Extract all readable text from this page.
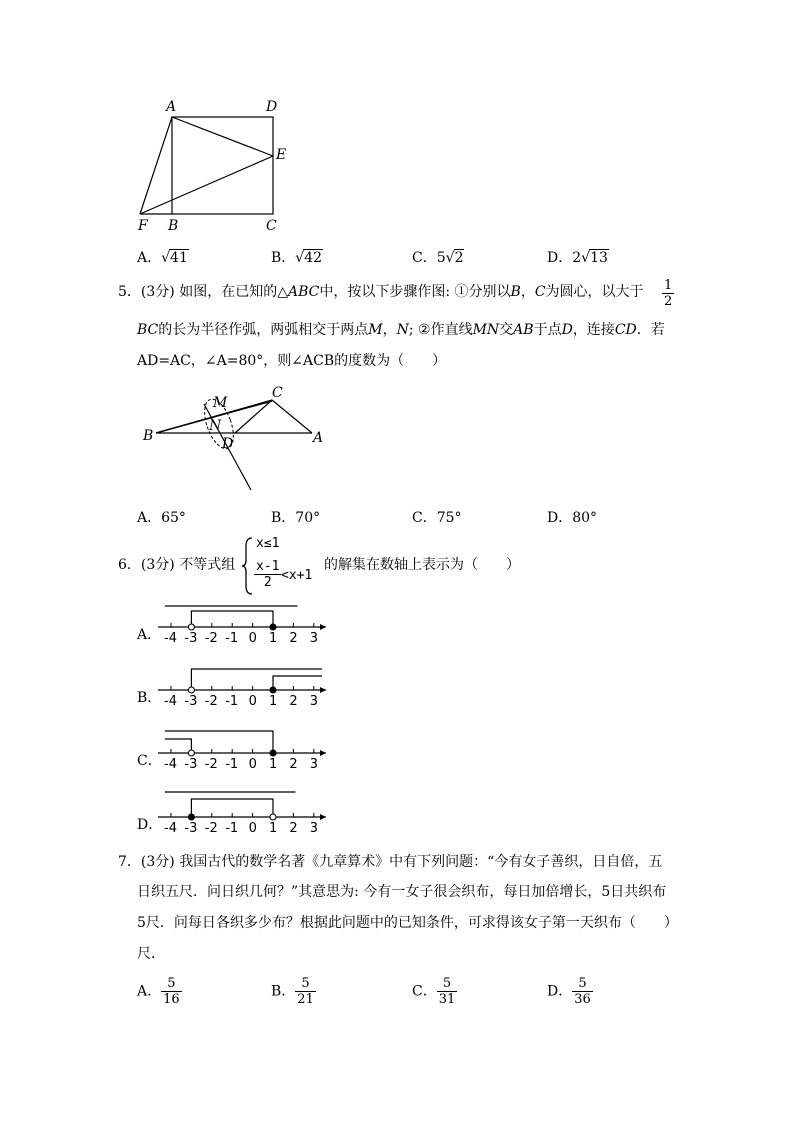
A	D
E
F B	C
A．√41	B．√42	C．5√2	D．2√13
5．(3分) 如图，在已知的△ABC中，按以下步骤作图: ①分别以B，C为圆心，以大于 $\frac{1}{2}$
BC的长为半径作弧，两弧相交于两点M，N; ②作直线MN交AB于点D，连接CD．若
AD=AC，∠A=80°，则∠ACB的度数为（　　）
M
C
N
B	D	A
A．65°	B．70°	C．75°	D．80°
6．(3分) 不等式组
x≤1
$\frac{x-1}{2} <x+1$
的解集在数轴上表示为（　　）
A． -4 -3 -2 -1 0 1 2 3
B． -4 -3 -2 -1 0 1 2 3
C． -4 -3 -2 -1 0 1 2 3
D． -4 -3 -2 -1 0 1 2 3
7．(3分) 我国古代的数学名著《九章算术》中有下列问题：“今有女子善织，日自倍，五
日织五尺．问日织几何？”其意思为: 今有一女子很会织布，每日加倍增长，5日共织布
5尺．问每日各织多少布？根据此问题中的已知条件，可求得该女子第一天织布（　　）
尺．
A． $\frac{5}{16}$	B． $\frac{5}{21}$	C． $\frac{5}{31}$	D． $\frac{5}{36}$
